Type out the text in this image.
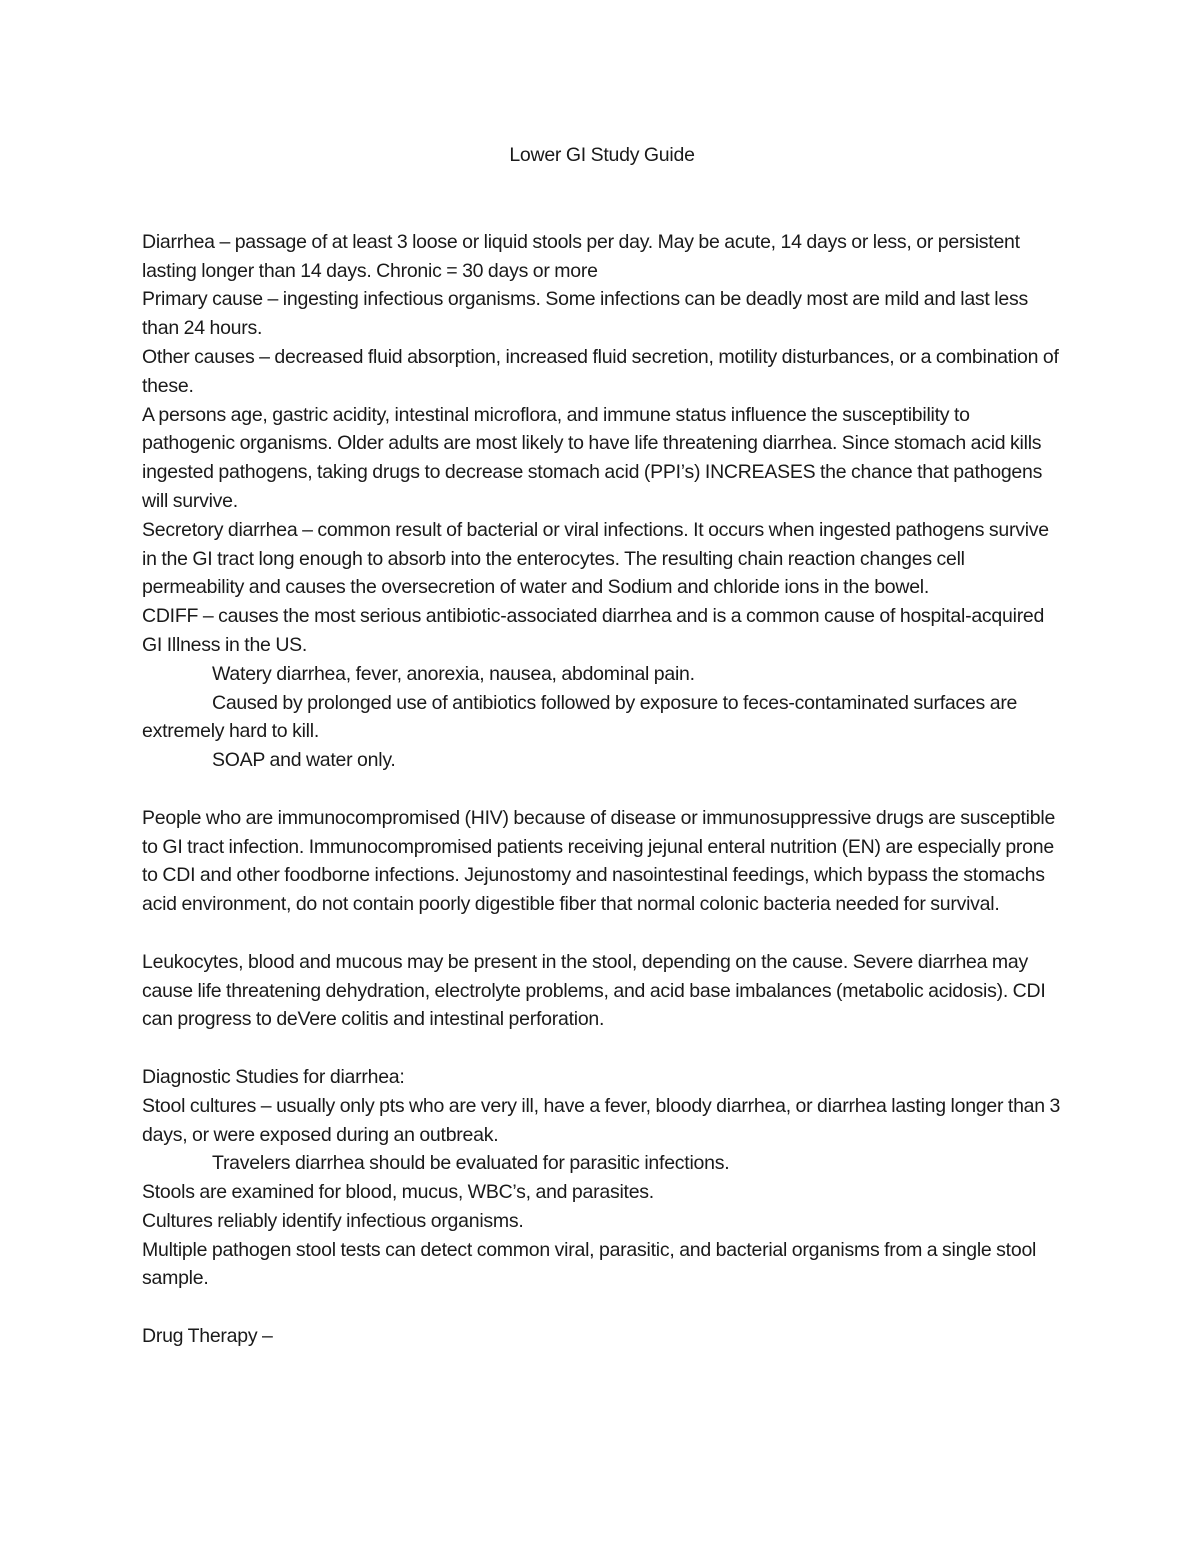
Lower GI Study Guide

Diarrhea – passage of at least 3 loose or liquid stools per day. May be acute, 14 days or less, or persistent lasting longer than 14 days. Chronic = 30 days or more

Primary cause – ingesting infectious organisms. Some infections can be deadly most are mild and last less than 24 hours.

Other causes – decreased fluid absorption, increased fluid secretion, motility disturbances, or a combination of these.

A persons age, gastric acidity, intestinal microflora, and immune status influence the susceptibility to pathogenic organisms. Older adults are most likely to have life threatening diarrhea. Since stomach acid kills ingested pathogens, taking drugs to decrease stomach acid (PPI’s) INCREASES the chance that pathogens will survive.

Secretory diarrhea – common result of bacterial or viral infections. It occurs when ingested pathogens survive in the GI tract long enough to absorb into the enterocytes. The resulting chain reaction changes cell permeability and causes the oversecretion of water and Sodium and chloride ions in the bowel.

CDIFF – causes the most serious antibiotic-associated diarrhea and is a common cause of hospital-acquired GI Illness in the US.

Watery diarrhea, fever, anorexia, nausea, abdominal pain.

Caused by prolonged use of antibiotics followed by exposure to feces-contaminated surfaces are extremely hard to kill.

SOAP and water only.

People who are immunocompromised (HIV) because of disease or immunosuppressive drugs are susceptible to GI tract infection. Immunocompromised patients receiving jejunal enteral nutrition (EN) are especially prone to CDI and other foodborne infections. Jejunostomy and nasointestinal feedings, which bypass the stomachs acid environment, do not contain poorly digestible fiber that normal colonic bacteria needed for survival.

Leukocytes, blood and mucous may be present in the stool, depending on the cause. Severe diarrhea may cause life threatening dehydration, electrolyte problems, and acid base imbalances (metabolic acidosis). CDI can progress to deVere colitis and intestinal perforation.

Diagnostic Studies for diarrhea:

Stool cultures – usually only pts who are very ill, have a fever, bloody diarrhea, or diarrhea lasting longer than 3 days, or were exposed during an outbreak.

Travelers diarrhea should be evaluated for parasitic infections.

Stools are examined for blood, mucus, WBC’s, and parasites.

Cultures reliably identify infectious organisms.

Multiple pathogen stool tests can detect common viral, parasitic, and bacterial organisms from a single stool sample.

Drug Therapy –
